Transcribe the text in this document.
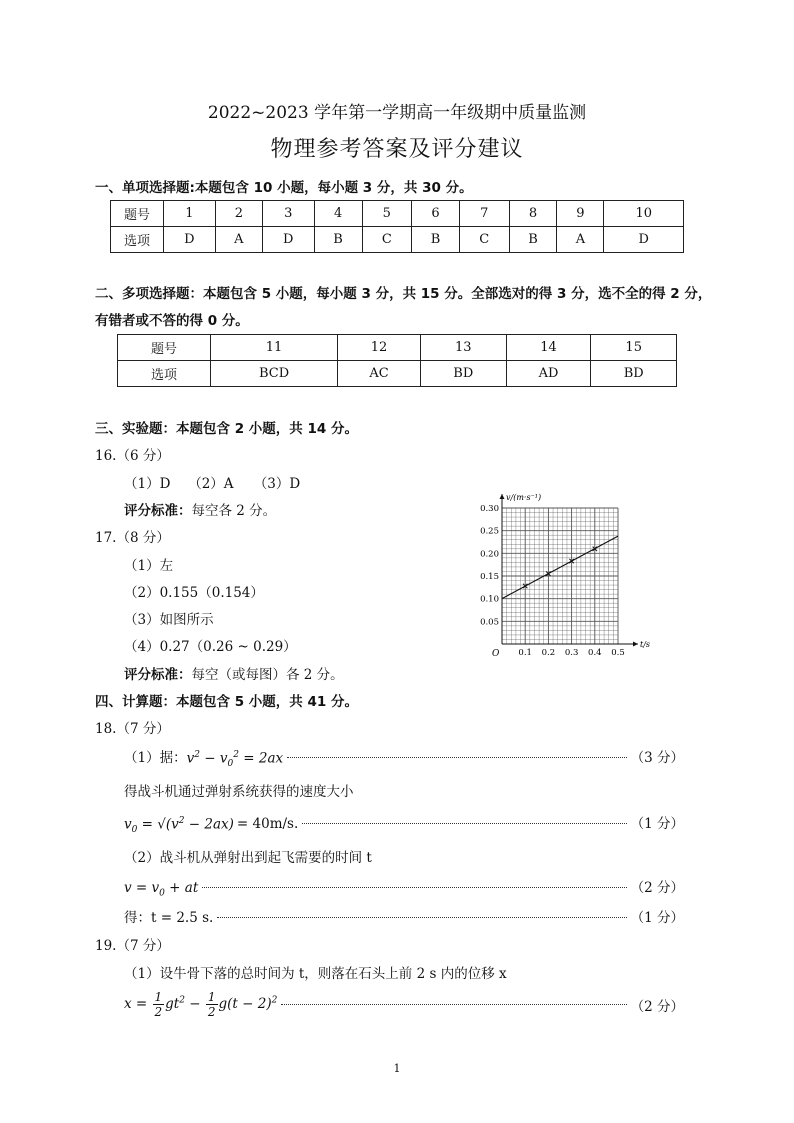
2022~2023 学年第一学期高一年级期中质量监测
物理参考答案及评分建议
一、单项选择题:本题包含 10 小题，每小题 3 分，共 30 分。
题号	1	2	3	4	5	6	7	8	9	10
选项	D	A	D	B	C	B	C	B	A	D
二、多项选择题：本题包含 5 小题，每小题 3 分，共 15 分。全部选对的得 3 分，选不全的得 2 分，
有错者或不答的得 0 分。
题号	11	12	13	14	15
选项	BCD	AC	BD	AD	BD
三、实验题：本题包含 2 小题，共 14 分。
16.（6 分）
（1）D　 （2）A　　（3）D
评分标准：每空各 2 分。
17.（8 分）
（1）左
（2）0.155（0.154）
（3）如图所示
（4）0.27（0.26 ~ 0.29）
评分标准：每空（或每图）各 2 分。
0.1 0.2 0.3 0.4 0.5
0.05
0.10
0.15
0.20
0.25
0.30
v/(m·s⁻¹)
t/s
O
四、计算题：本题包含 5 小题，共 41 分。
18.（7 分）
（1）据： $v^2 - v_0^2 = 2ax$	（3 分）
得战斗机通过弹射系统获得的速度大小
$v_0 = √(v^2 - 2ax) = 40m/s$.	（1 分）
（2）战斗机从弹射出到起飞需要的时间 t
$v = v_0$ + at	（2 分）
得：t = 2.5 s.	（1 分）
19.（7 分）
（1）设牛骨下落的总时间为 t，则落在石头上前 2 s 内的位移 x
$x = \frac{1}{2} gt^2 - \frac{1}{2} g(t - 2)^2$	（2 分）
1
